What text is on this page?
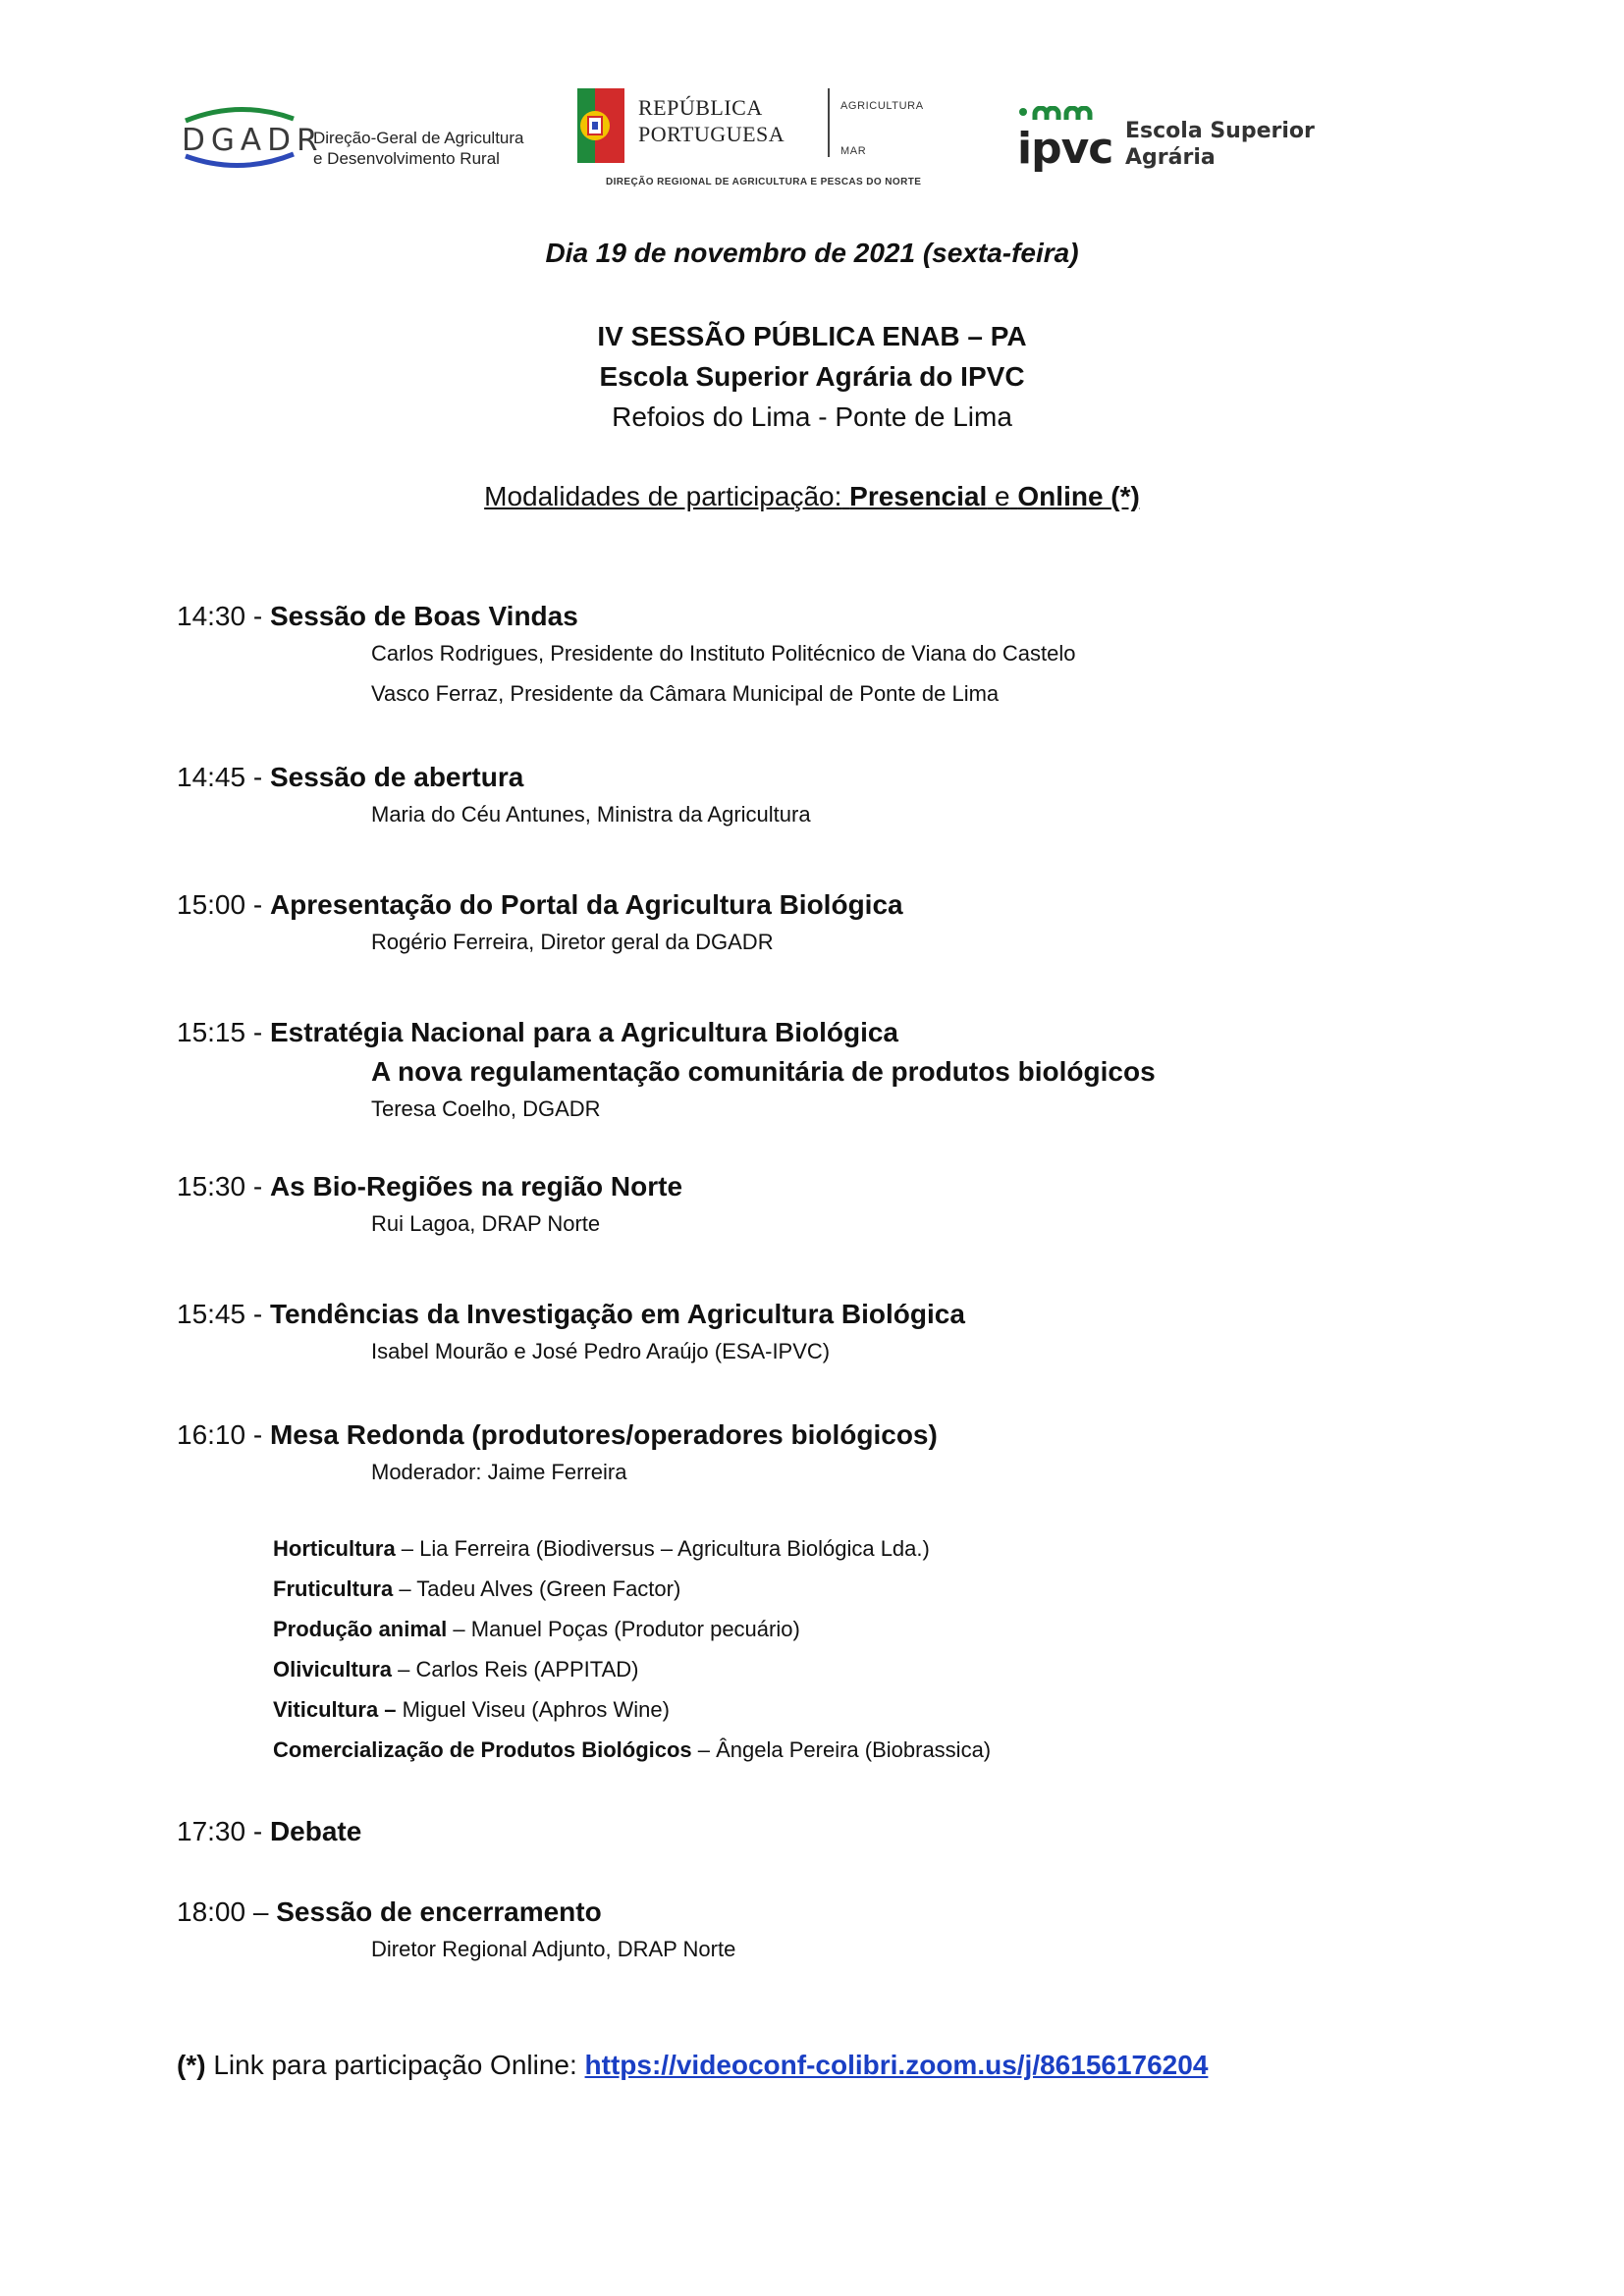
DGADR
Direção-Geral de Agricultura
e Desenvolvimento Rural
REPÚBLICA
PORTUGUESA
AGRICULTURA
MAR
DIREÇÃO REGIONAL DE AGRICULTURA E PESCAS DO NORTE
ipvc Escola Superior
Agrária
Dia 19 de novembro de 2021 (sexta-feira)
IV SESSÃO PÚBLICA ENAB – PA
Escola Superior Agrária do IPVC
Refoios do Lima - Ponte de Lima
Modalidades de participação: Presencial e Online (*)
14:30 - Sessão de Boas Vindas
Carlos Rodrigues, Presidente do Instituto Politécnico de Viana do Castelo
Vasco Ferraz, Presidente da Câmara Municipal de Ponte de Lima
14:45 - Sessão de abertura
Maria do Céu Antunes, Ministra da Agricultura
15:00 - Apresentação do Portal da Agricultura Biológica
Rogério Ferreira, Diretor geral da DGADR
15:15 - Estratégia Nacional para a Agricultura Biológica
A nova regulamentação comunitária de produtos biológicos
Teresa Coelho, DGADR
15:30 - As Bio-Regiões na região Norte
Rui Lagoa, DRAP Norte
15:45 - Tendências da Investigação em Agricultura Biológica
Isabel Mourão e José Pedro Araújo (ESA-IPVC)
16:10 - Mesa Redonda (produtores/operadores biológicos)
Moderador: Jaime Ferreira
Horticultura – Lia Ferreira (Biodiversus – Agricultura Biológica Lda.)
Fruticultura – Tadeu Alves (Green Factor)
Produção animal – Manuel Poças (Produtor pecuário)
Olivicultura – Carlos Reis (APPITAD)
Viticultura – Miguel Viseu (Aphros Wine)
Comercialização de Produtos Biológicos – Ângela Pereira (Biobrassica)
17:30 - Debate
18:00 – Sessão de encerramento
Diretor Regional Adjunto, DRAP Norte
(*) Link para participação Online: https://videoconf-colibri.zoom.us/j/86156176204
